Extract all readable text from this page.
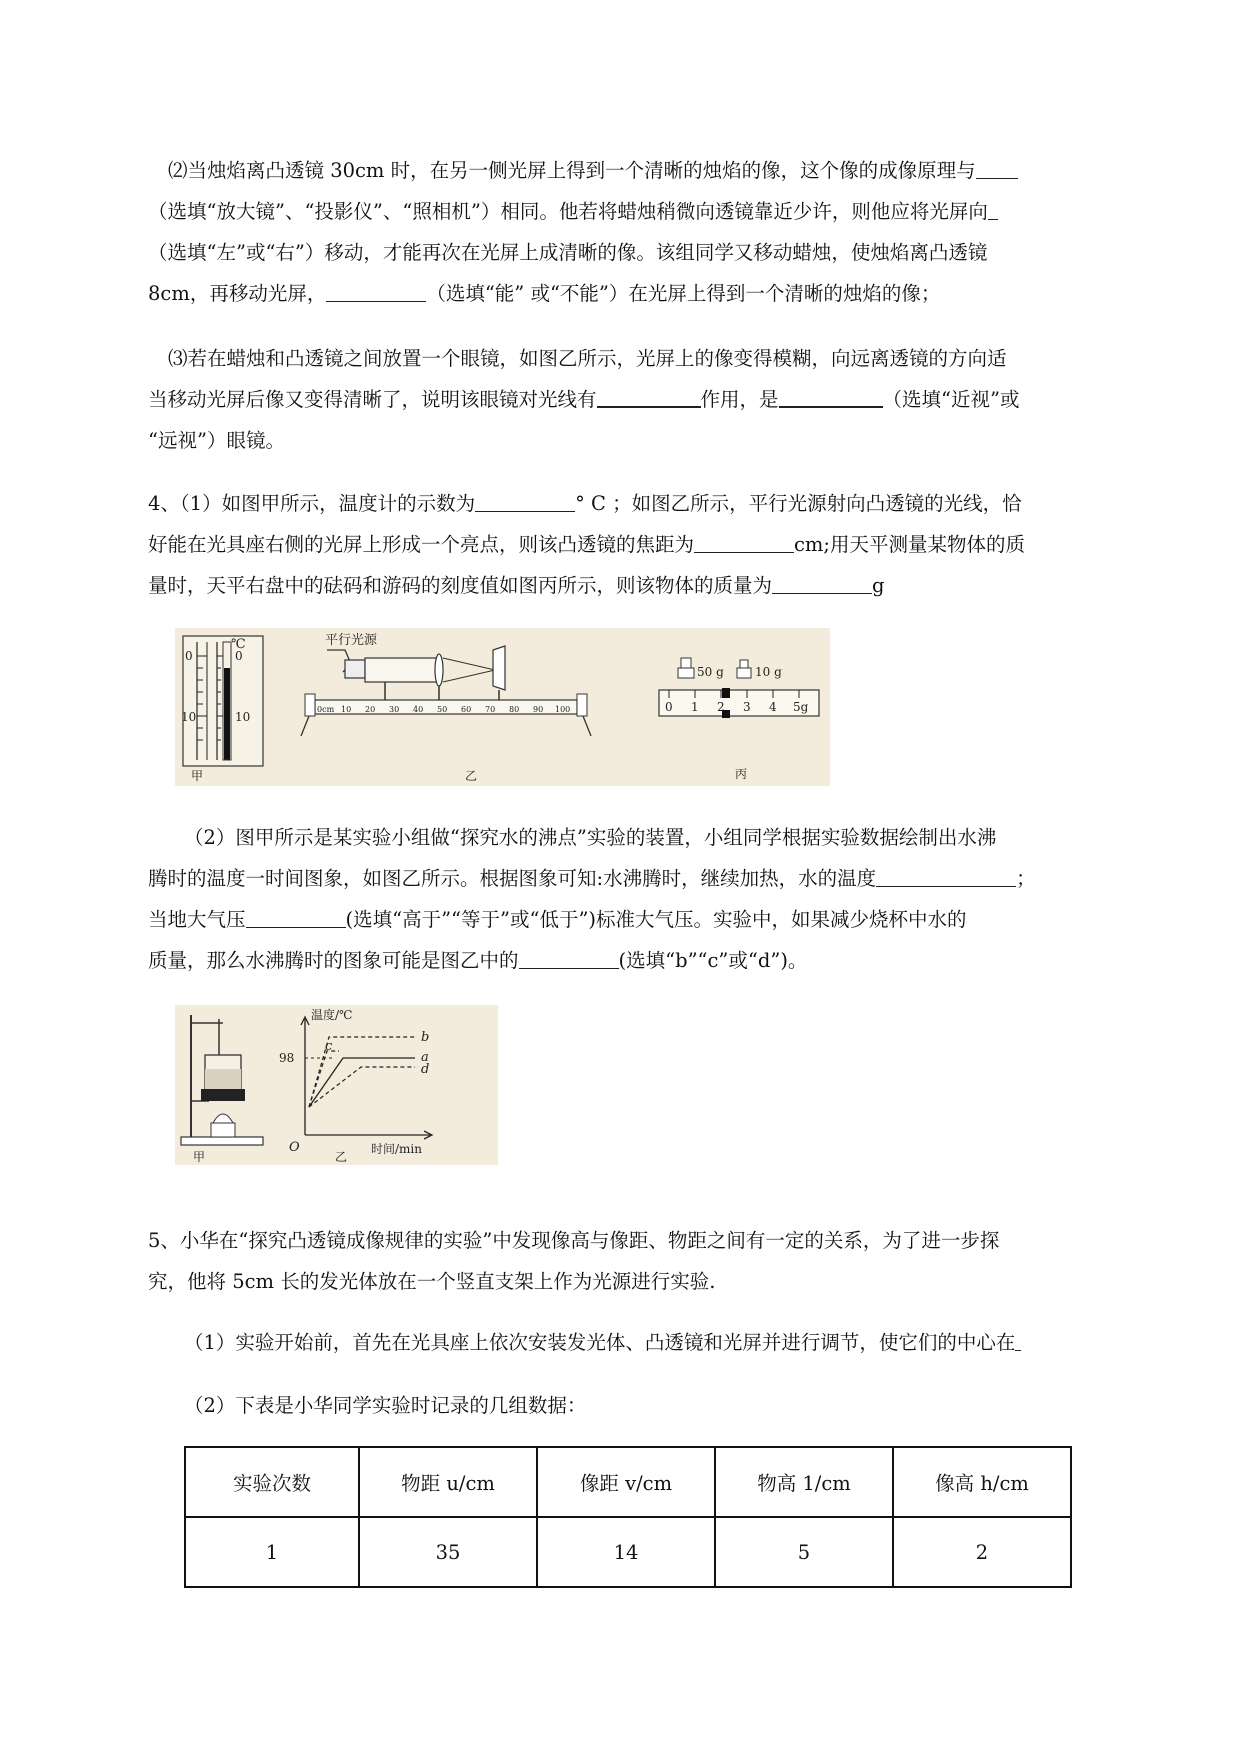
⑵当烛焰离凸透镜 30cm 时，在另一侧光屏上得到一个清晰的烛焰的像，这个像的成像原理与
（选填“放大镜”、“投影仪”、“照相机”）相同。他若将蜡烛稍微向透镜靠近少许，则他应将光屏向
（选填“左”或“右”）移动，才能再次在光屏上成清晰的像。该组同学又移动蜡烛，使烛焰离凸透镜
8cm，再移动光屏，	（选填“能” 或“不能”）在光屏上得到一个清晰的烛焰的像；
⑶若在蜡烛和凸透镜之间放置一个眼镜，如图乙所示，光屏上的像变得模糊，向远离透镜的方向适
当移动光屏后像又变得清晰了，说明该眼镜对光线有	作用，是	（选填“近视”或
“远视”）眼镜。
4、（1）如图甲所示，温度计的示数为	° C ；如图乙所示，平行光源射向凸透镜的光线，恰
好能在光具座右侧的光屏上形成一个亮点，则该凸透镜的焦距为	cm;用天平测量某物体的质
量时，天平右盘中的砝码和游码的刻度值如图丙所示，则该物体的质量为	g
℃
0	0
10	10
甲
平行光源
0cm 10 20 30 40 50 60 70 80 90 100
乙
50 g	10 g
0 1 2 3 4 5g
丙
（2）图甲所示是某实验小组做“探究水的沸点”实验的装置，小组同学根据实验数据绘制出水沸
腾时的温度一时间图象，如图乙所示。根据图象可知:水沸腾时，继续加热，水的温度	；
当地大气压	(选填“高于”“等于”或“低于”)标准大气压。实验中，如果减少烧杯中水的
质量，那么水沸腾时的图象可能是图乙中的	(选填“b”“c”或“d”)。
甲
温度/℃
98
O	时间/min
b
c
a
d
乙
5、小华在“探究凸透镜成像规律的实验”中发现像高与像距、物距之间有一定的关系，为了进一步探
究，他将 5cm 长的发光体放在一个竖直支架上作为光源进行实验.
（1）实验开始前，首先在光具座上依次安装发光体、凸透镜和光屏并进行调节，使它们的中心在
（2）下表是小华同学实验时记录的几组数据：
实验次数	物距 u/cm	像距 v/cm	物高 1/cm	像高 h/cm
1	35	14	5	2
